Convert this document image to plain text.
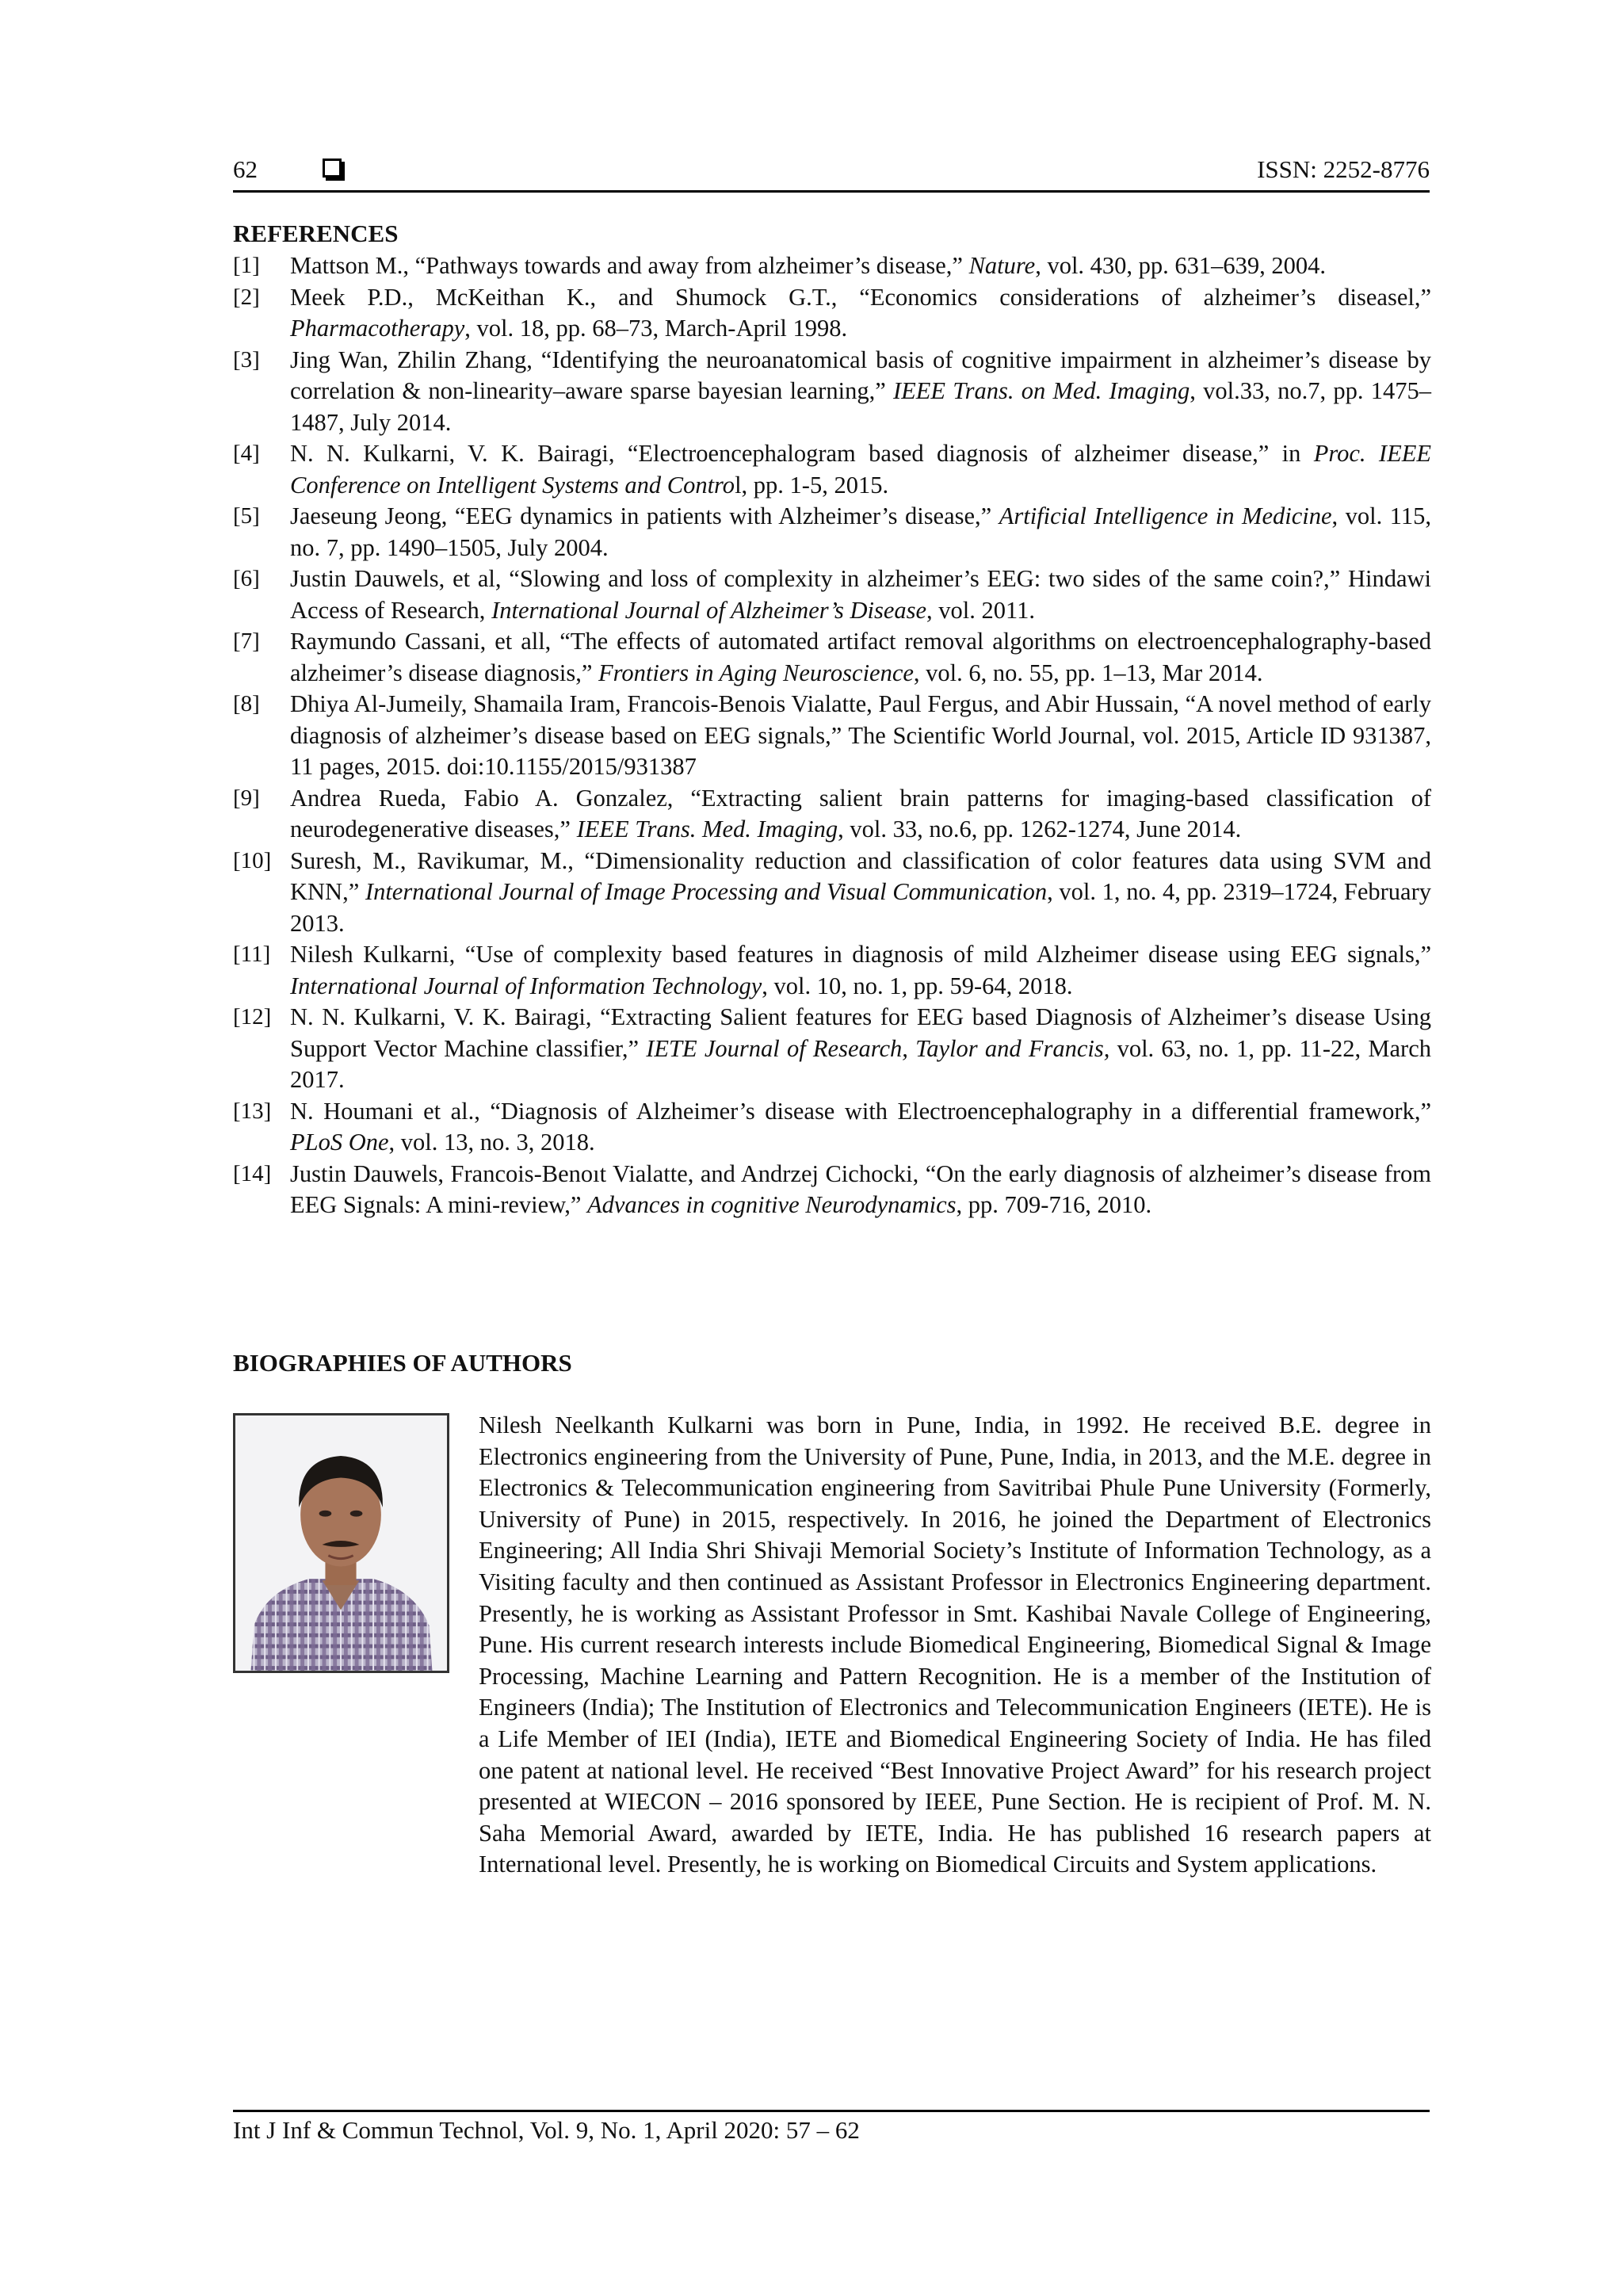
62	ISSN: 2252-8776
REFERENCES
[1]	Mattson M., “Pathways towards and away from alzheimer’s disease,” Nature, vol. 430, pp. 631–639, 2004.
[2]	Meek P.D., McKeithan K., and Shumock G.T., “Economics considerations of alzheimer’s diseasel,” Pharmacotherapy, vol. 18, pp. 68–73, March-April 1998.
[3]	Jing Wan, Zhilin Zhang, “Identifying the neuroanatomical basis of cognitive impairment in alzheimer’s disease by correlation & non-linearity–aware sparse bayesian learning,” IEEE Trans. on Med. Imaging, vol.33, no.7, pp. 1475–1487, July 2014.
[4]	N. N. Kulkarni, V. K. Bairagi, “Electroencephalogram based diagnosis of alzheimer disease,” in Proc. IEEE Conference on Intelligent Systems and Control, pp. 1-5, 2015.
[5]	Jaeseung Jeong, “EEG dynamics in patients with Alzheimer’s disease,” Artificial Intelligence in Medicine, vol. 115, no. 7, pp. 1490–1505, July 2004.
[6]	Justin Dauwels, et al, “Slowing and loss of complexity in alzheimer’s EEG: two sides of the same coin?,” Hindawi Access of Research, International Journal of Alzheimer’s Disease, vol. 2011.
[7]	Raymundo Cassani, et all, “The effects of automated artifact removal algorithms on electroencephalography-based alzheimer’s disease diagnosis,” Frontiers in Aging Neuroscience, vol. 6, no. 55, pp. 1–13, Mar 2014.
[8]	Dhiya Al-Jumeily, Shamaila Iram, Francois-Benois Vialatte, Paul Fergus, and Abir Hussain, “A novel method of early diagnosis of alzheimer’s disease based on EEG signals,” The Scientific World Journal, vol. 2015, Article ID 931387, 11 pages, 2015. doi:10.1155/2015/931387
[9]	Andrea Rueda, Fabio A. Gonzalez, “Extracting salient brain patterns for imaging-based classification of neurodegenerative diseases,” IEEE Trans. Med. Imaging, vol. 33, no.6, pp. 1262-1274, June 2014.
[10] Suresh, M., Ravikumar, M., “Dimensionality reduction and classification of color features data using SVM and KNN,” International Journal of Image Processing and Visual Communication, vol. 1, no. 4, pp. 2319–1724, February 2013.
[11] Nilesh Kulkarni, “Use of complexity based features in diagnosis of mild Alzheimer disease using EEG signals,” International Journal of Information Technology, vol. 10, no. 1, pp. 59-64, 2018.
[12] N. N. Kulkarni, V. K. Bairagi, “Extracting Salient features for EEG based Diagnosis of Alzheimer’s disease Using Support Vector Machine classifier,” IETE Journal of Research, Taylor and Francis, vol. 63, no. 1, pp. 11-22, March 2017.
[13] N. Houmani et al., “Diagnosis of Alzheimer’s disease with Electroencephalography in a differential framework,” PLoS One, vol. 13, no. 3, 2018.
[14] Justin Dauwels, Francois-Benoıt Vialatte, and Andrzej Cichocki, “On the early diagnosis of alzheimer’s disease from EEG Signals: A mini-review,” Advances in cognitive Neurodynamics, pp. 709-716, 2010.
BIOGRAPHIES OF AUTHORS

Nilesh Neelkanth Kulkarni was born in Pune, India, in 1992. He received B.E. degree in Electronics engineering from the University of Pune, Pune, India, in 2013, and the M.E. degree in Electronics & Telecommunication engineering from Savitribai Phule Pune University (Formerly, University of Pune) in 2015, respectively. In 2016, he joined the Department of Electronics Engineering; All India Shri Shivaji Memorial Society’s Institute of Information Technology, as a Visiting faculty and then continued as Assistant Professor in Electronics Engineering department. Presently, he is working as Assistant Professor in Smt. Kashibai Navale College of Engineering, Pune. His current research interests include Biomedical Engineering, Biomedical Signal & Image Processing, Machine Learning and Pattern Recognition. He is a member of the Institution of Engineers (India); The Institution of Electronics and Telecommunication Engineers (IETE). He is a Life Member of IEI (India), IETE and Biomedical Engineering Society of India. He has filed one patent at national level. He received “Best Innovative Project Award” for his research project presented at WIECON – 2016 sponsored by IEEE, Pune Section. He is recipient of Prof. M. N. Saha Memorial Award, awarded by IETE, India. He has published 16 research papers at International level. Presently, he is working on Biomedical Circuits and System applications.

Int J Inf & Commun Technol, Vol. 9, No. 1, April 2020: 57 – 62
